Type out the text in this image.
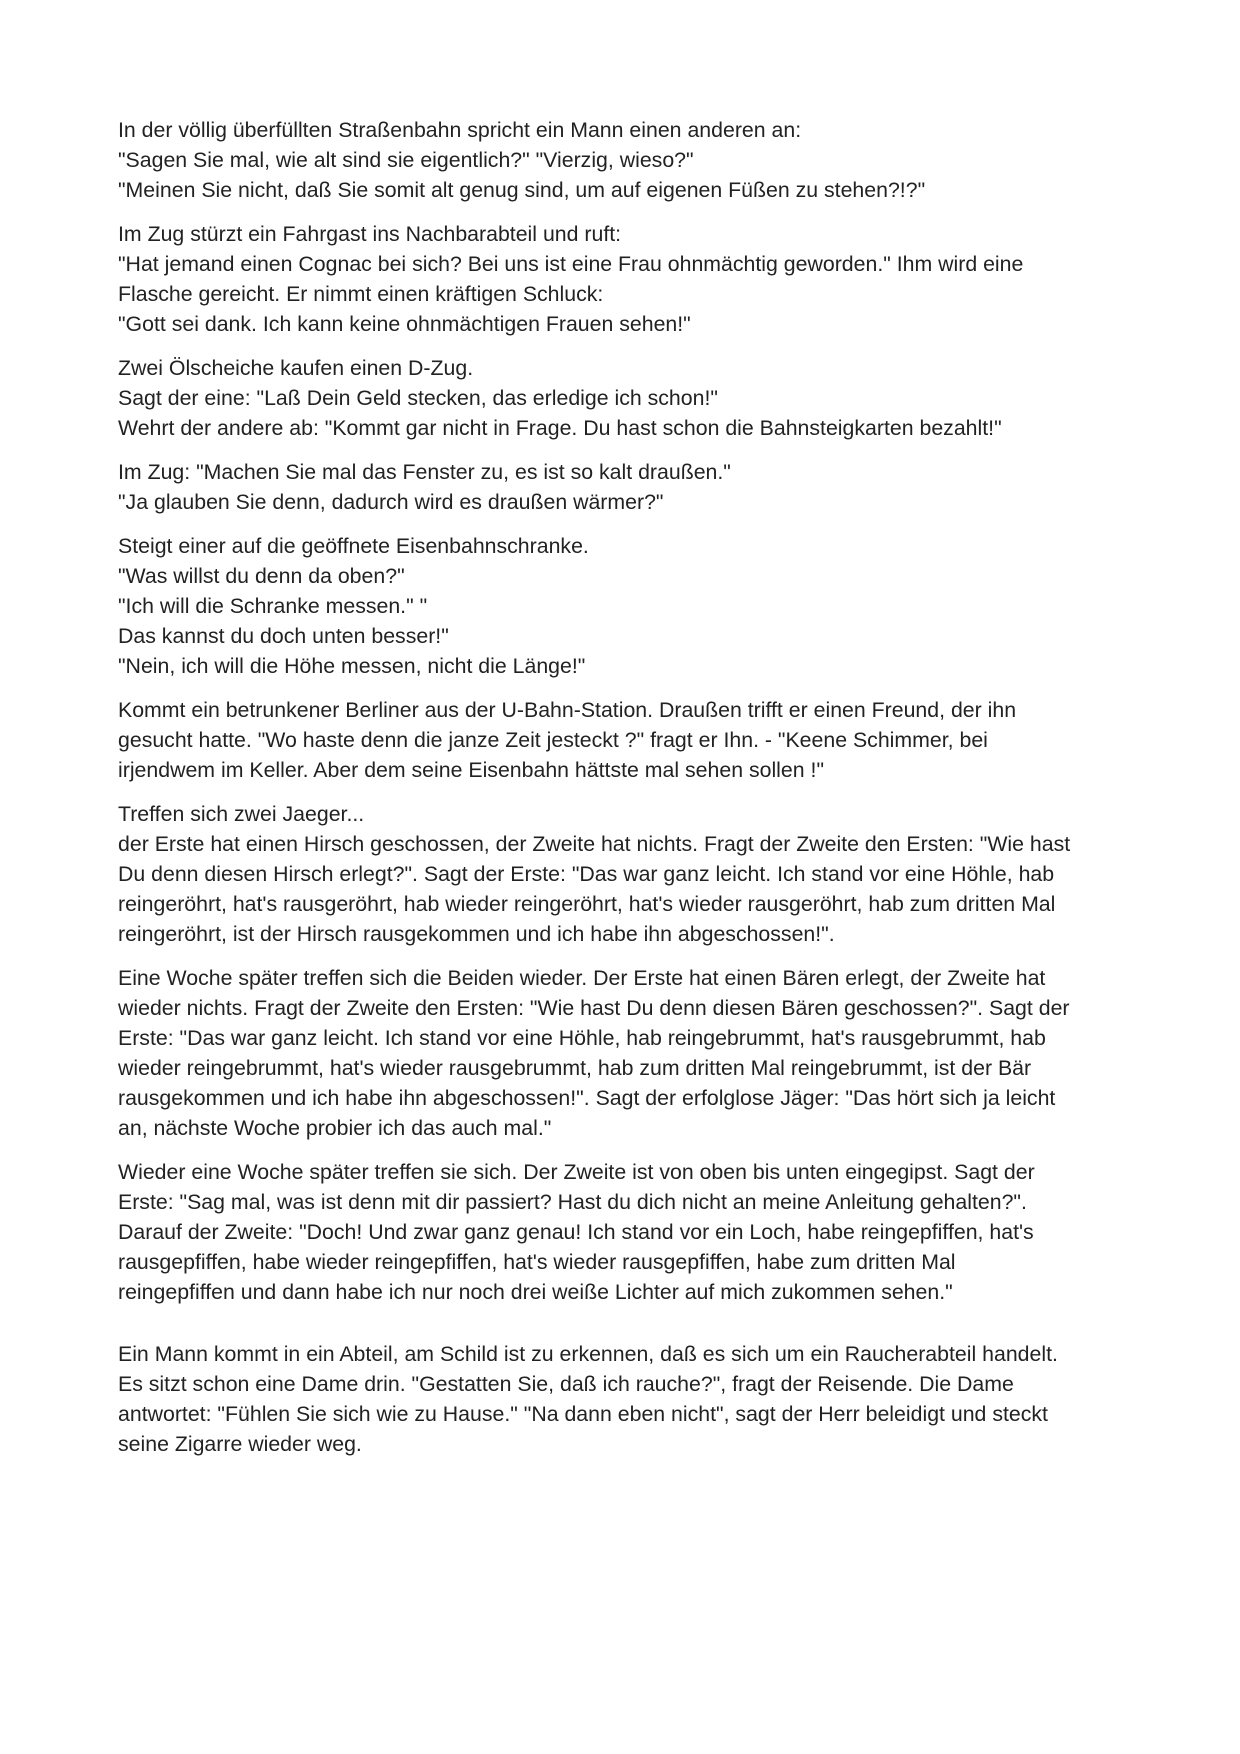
In der völlig überfüllten Straßenbahn spricht ein Mann einen anderen an:
"Sagen Sie mal, wie alt sind sie eigentlich?" "Vierzig, wieso?"
"Meinen Sie nicht, daß Sie somit alt genug sind, um auf eigenen Füßen zu stehen?!?"
Im Zug stürzt ein Fahrgast ins Nachbarabteil und ruft:
"Hat jemand einen Cognac bei sich? Bei uns ist eine Frau ohnmächtig geworden." Ihm wird eine
Flasche gereicht. Er nimmt einen kräftigen Schluck:
"Gott sei dank. Ich kann keine ohnmächtigen Frauen sehen!"
Zwei Ölscheiche kaufen einen D-Zug.
Sagt der eine: "Laß Dein Geld stecken, das erledige ich schon!"
Wehrt der andere ab: "Kommt gar nicht in Frage. Du hast schon die Bahnsteigkarten bezahlt!"
Im Zug: "Machen Sie mal das Fenster zu, es ist so kalt draußen."
"Ja glauben Sie denn, dadurch wird es draußen wärmer?"
Steigt einer auf die geöffnete Eisenbahnschranke.
"Was willst du denn da oben?"
"Ich will die Schranke messen." "
Das kannst du doch unten besser!"
"Nein, ich will die Höhe messen, nicht die Länge!"
Kommt ein betrunkener Berliner aus der U-Bahn-Station. Draußen trifft er einen Freund, der ihn
gesucht hatte. "Wo haste denn die janze Zeit jesteckt ?" fragt er Ihn. - "Keene Schimmer, bei
irjendwem im Keller. Aber dem seine Eisenbahn hättste mal sehen sollen !"
Treffen sich zwei Jaeger...
der Erste hat einen Hirsch geschossen, der Zweite hat nichts. Fragt der Zweite den Ersten: "Wie hast
Du denn diesen Hirsch erlegt?". Sagt der Erste: "Das war ganz leicht. Ich stand vor eine Höhle, hab
reingeröhrt, hat's rausgeröhrt, hab wieder reingeröhrt, hat's wieder rausgeröhrt, hab zum dritten Mal
reingeröhrt, ist der Hirsch rausgekommen und ich habe ihn abgeschossen!".
Eine Woche später treffen sich die Beiden wieder. Der Erste hat einen Bären erlegt, der Zweite hat
wieder nichts. Fragt der Zweite den Ersten: "Wie hast Du denn diesen Bären geschossen?". Sagt der
Erste: "Das war ganz leicht. Ich stand vor eine Höhle, hab reingebrummt, hat's rausgebrummt, hab
wieder reingebrummt, hat's wieder rausgebrummt, hab zum dritten Mal reingebrummt, ist der Bär
rausgekommen und ich habe ihn abgeschossen!". Sagt der erfolglose Jäger: "Das hört sich ja leicht
an, nächste Woche probier ich das auch mal."
Wieder eine Woche später treffen sie sich. Der Zweite ist von oben bis unten eingegipst. Sagt der
Erste: "Sag mal, was ist denn mit dir passiert? Hast du dich nicht an meine Anleitung gehalten?".
Darauf der Zweite: "Doch! Und zwar ganz genau! Ich stand vor ein Loch, habe reingepfiffen, hat's
rausgepfiffen, habe wieder reingepfiffen, hat's wieder rausgepfiffen, habe zum dritten Mal
reingepfiffen und dann habe ich nur noch drei weiße Lichter auf mich zukommen sehen."
Ein Mann kommt in ein Abteil, am Schild ist zu erkennen, daß es sich um ein Raucherabteil handelt.
Es sitzt schon eine Dame drin. "Gestatten Sie, daß ich rauche?", fragt der Reisende. Die Dame
antwortet: "Fühlen Sie sich wie zu Hause." "Na dann eben nicht", sagt der Herr beleidigt und steckt
seine Zigarre wieder weg.
